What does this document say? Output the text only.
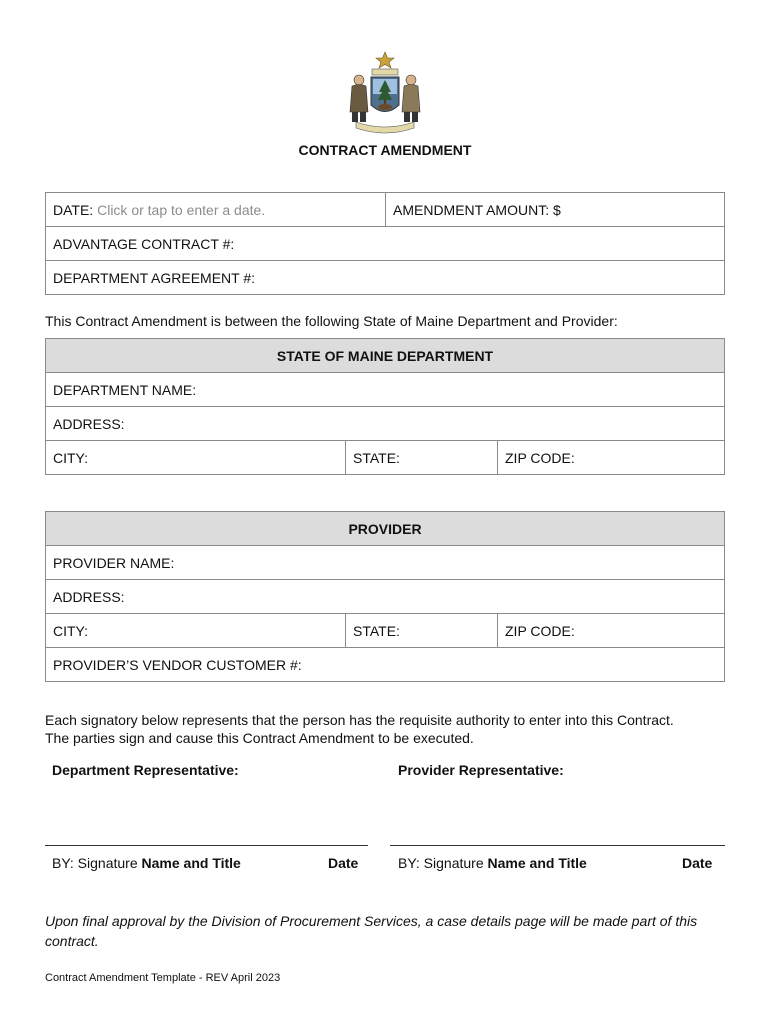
CONTRACT AMENDMENT
DATE: Click or tap to enter a date.	AMENDMENT AMOUNT: $
ADVANTAGE CONTRACT #:
DEPARTMENT AGREEMENT #:
This Contract Amendment is between the following State of Maine Department and Provider:
STATE OF MAINE DEPARTMENT
DEPARTMENT NAME:
ADDRESS:
CITY:	STATE:	ZIP CODE:
PROVIDER
PROVIDER NAME:
ADDRESS:
CITY:	STATE:	ZIP CODE:
PROVIDER’S VENDOR CUSTOMER #:
Each signatory below represents that the person has the requisite authority to enter into this Contract.
The parties sign and cause this Contract Amendment to be executed.
Department Representative:	Provider Representative:
BY: Signature Name and Title	Date	BY: Signature Name and Title	Date
Upon final approval by the Division of Procurement Services, a case details page will be made part of this contract.
Contract Amendment Template - REV April 2023
